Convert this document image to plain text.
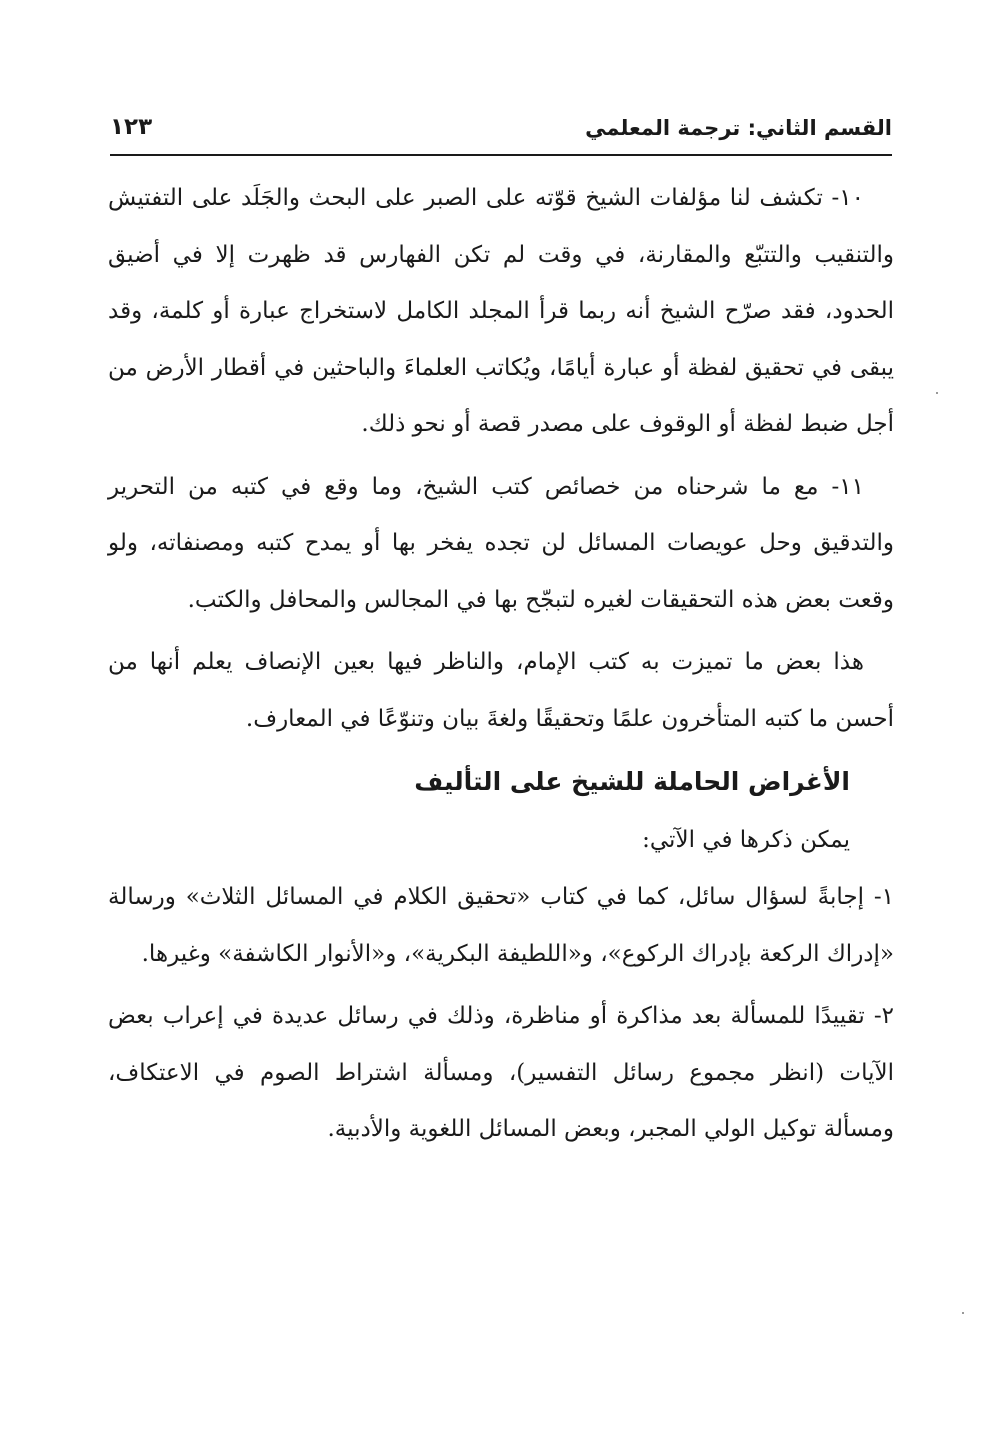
القسم الثاني: ترجمة المعلمي
١٢٣

١٠- تكشف لنا مؤلفات الشيخ قوّته على الصبر على البحث والجَلَد على التفتيش والتنقيب والتتبّع والمقارنة، في وقت لم تكن الفهارس قد ظهرت إلا في أضيق الحدود، فقد صرّح الشيخ أنه ربما قرأ المجلد الكامل لاستخراج عبارة أو كلمة، وقد يبقى في تحقيق لفظة أو عبارة أيامًا، ويُكاتب العلماءَ والباحثين في أقطار الأرض من أجل ضبط لفظة أو الوقوف على مصدر قصة أو نحو ذلك.

١١- مع ما شرحناه من خصائص كتب الشيخ، وما وقع في كتبه من التحرير والتدقيق وحل عويصات المسائل لن تجده يفخر بها أو يمدح كتبه ومصنفاته، ولو وقعت بعض هذه التحقيقات لغيره لتبجّح بها في المجالس والمحافل والكتب.

هذا بعض ما تميزت به كتب الإمام، والناظر فيها بعين الإنصاف يعلم أنها من أحسن ما كتبه المتأخرون علمًا وتحقيقًا ولغةَ بيان وتنوّعًا في المعارف.

الأغراض الحاملة للشيخ على التأليف

يمكن ذكرها في الآتي:

١- إجابةً لسؤال سائل، كما في كتاب «تحقيق الكلام في المسائل الثلاث» ورسالة «إدراك الركعة بإدراك الركوع»، و«اللطيفة البكرية»، و«الأنوار الكاشفة» وغيرها.

٢- تقييدًا للمسألة بعد مذاكرة أو مناظرة، وذلك في رسائل عديدة في إعراب بعض الآيات (انظر مجموع رسائل التفسير)، ومسألة اشتراط الصوم في الاعتكاف، ومسألة توكيل الولي المجبر، وبعض المسائل اللغوية والأدبية.
